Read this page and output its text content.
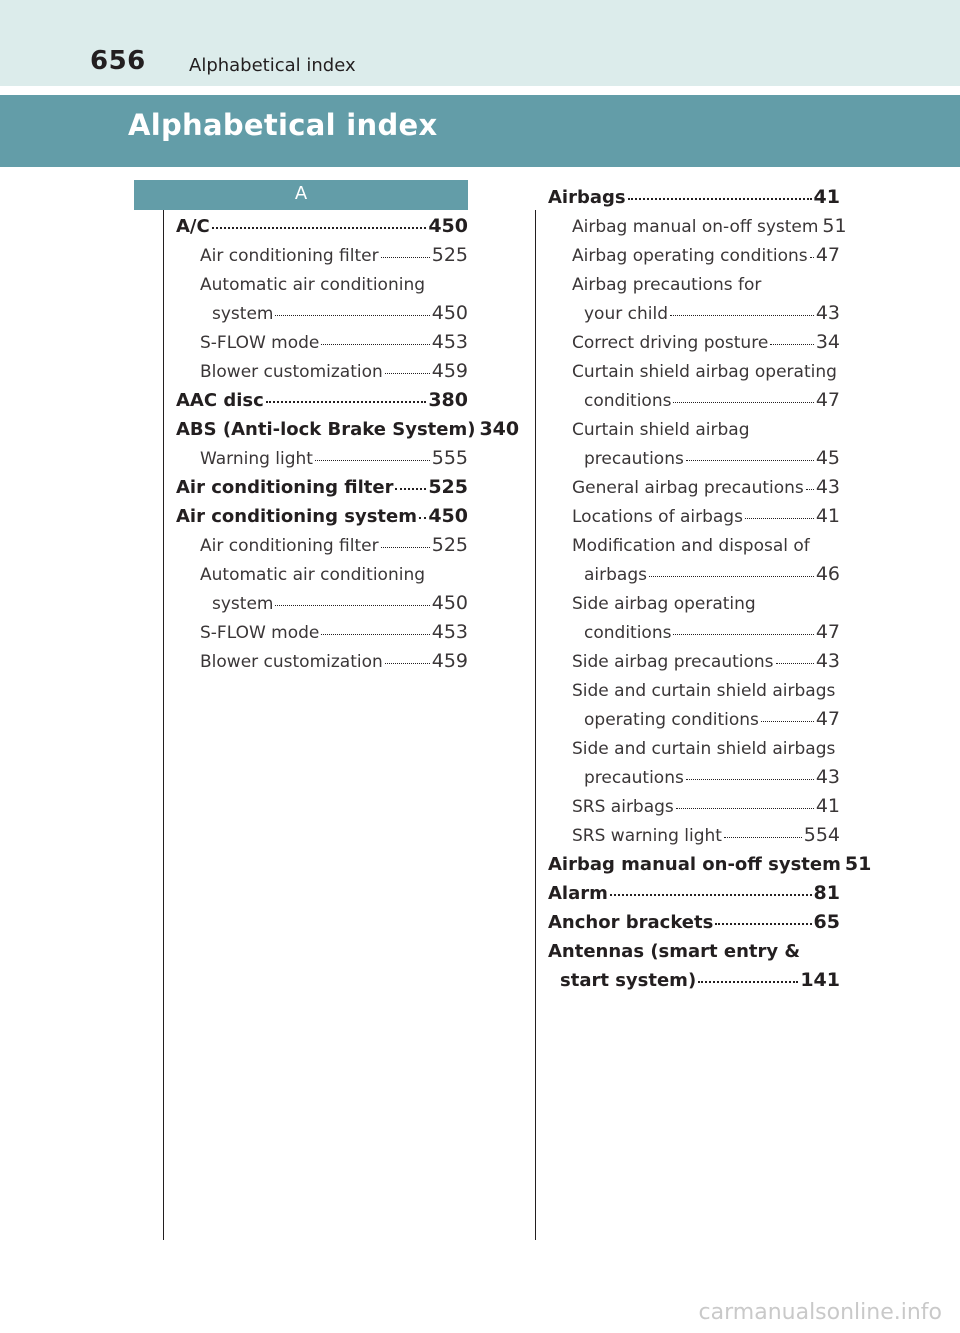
656 Alphabetical index
Alphabetical index
A
A/C	450
Air conditioning filter	525
Automatic air conditioning
system	450
S-FLOW mode	453
Blower customization	459
AAC disc	380
ABS (Anti-lock Brake System) 340
Warning light	555
Air conditioning filter 525
Air conditioning system 450
Air conditioning filter	525
Automatic air conditioning
system	450
S-FLOW mode	453
Blower customization	459
Airbags	41
Airbag manual on-off system 51
Airbag operating conditions 47
Airbag precautions for
your child	43
Correct driving posture	34
Curtain shield airbag operating
conditions	47
Curtain shield airbag
precautions	45
General airbag precautions 43
Locations of airbags	41
Modification and disposal of
airbags	46
Side airbag operating
conditions	47
Side airbag precautions 43
Side and curtain shield airbags
operating conditions	47
Side and curtain shield airbags
precautions	43
SRS airbags	41
SRS warning light	554
Airbag manual on-off system 51
Alarm	81
Anchor brackets	65
Antennas (smart entry &
start system)	141
carmanualsonline.info
